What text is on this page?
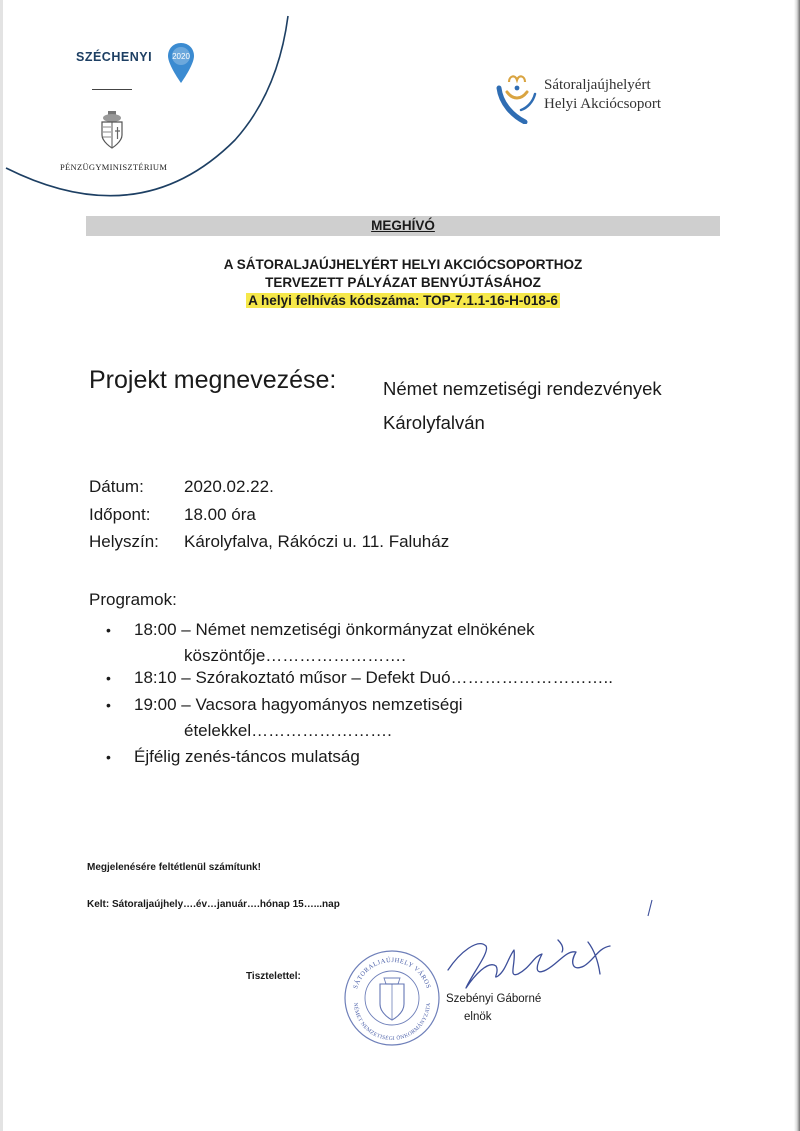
SZÉCHENYI	2020
PÉNZÜGYMINISZTÉRIUM
Sátoraljaújhelyért
Helyi Akciócsoport
MEGHÍVÓ
A SÁTORALJAÚJHELYÉRT HELYI AKCIÓCSOPORTHOZ
TERVEZETT PÁLYÁZAT BENYÚJTÁSÁHOZ
A helyi felhívás kódszáma: TOP-7.1.1-16-H-018-6
Projekt megnevezése:	Német nemzetiségi rendezvények
Károlyfalván
Dátum: 2020.02.22.
Időpont: 18.00 óra
Helyszín: Károlyfalva, Rákóczi u. 11. Faluház
Programok:
• 18:00 – Német nemzetiségi önkormányzat elnökének
köszöntője…………………….
• 18:10 – Szórakoztató műsor – Defekt Duó………………………..
• 19:00 – Vacsora hagyományos nemzetiségi
ételekkel…………………….
• Éjfélig zenés-táncos mulatság
Megjelenésére feltétlenül számítunk!
Kelt: Sátoraljaújhely….év…január….hónap 15…...nap
Tisztelettel:
SÁTORALJAÚJHELY VÁROS
NÉMET NEMZETISÉGI ÖNKORMÁNYZATA Szebényi Gáborné
elnök
